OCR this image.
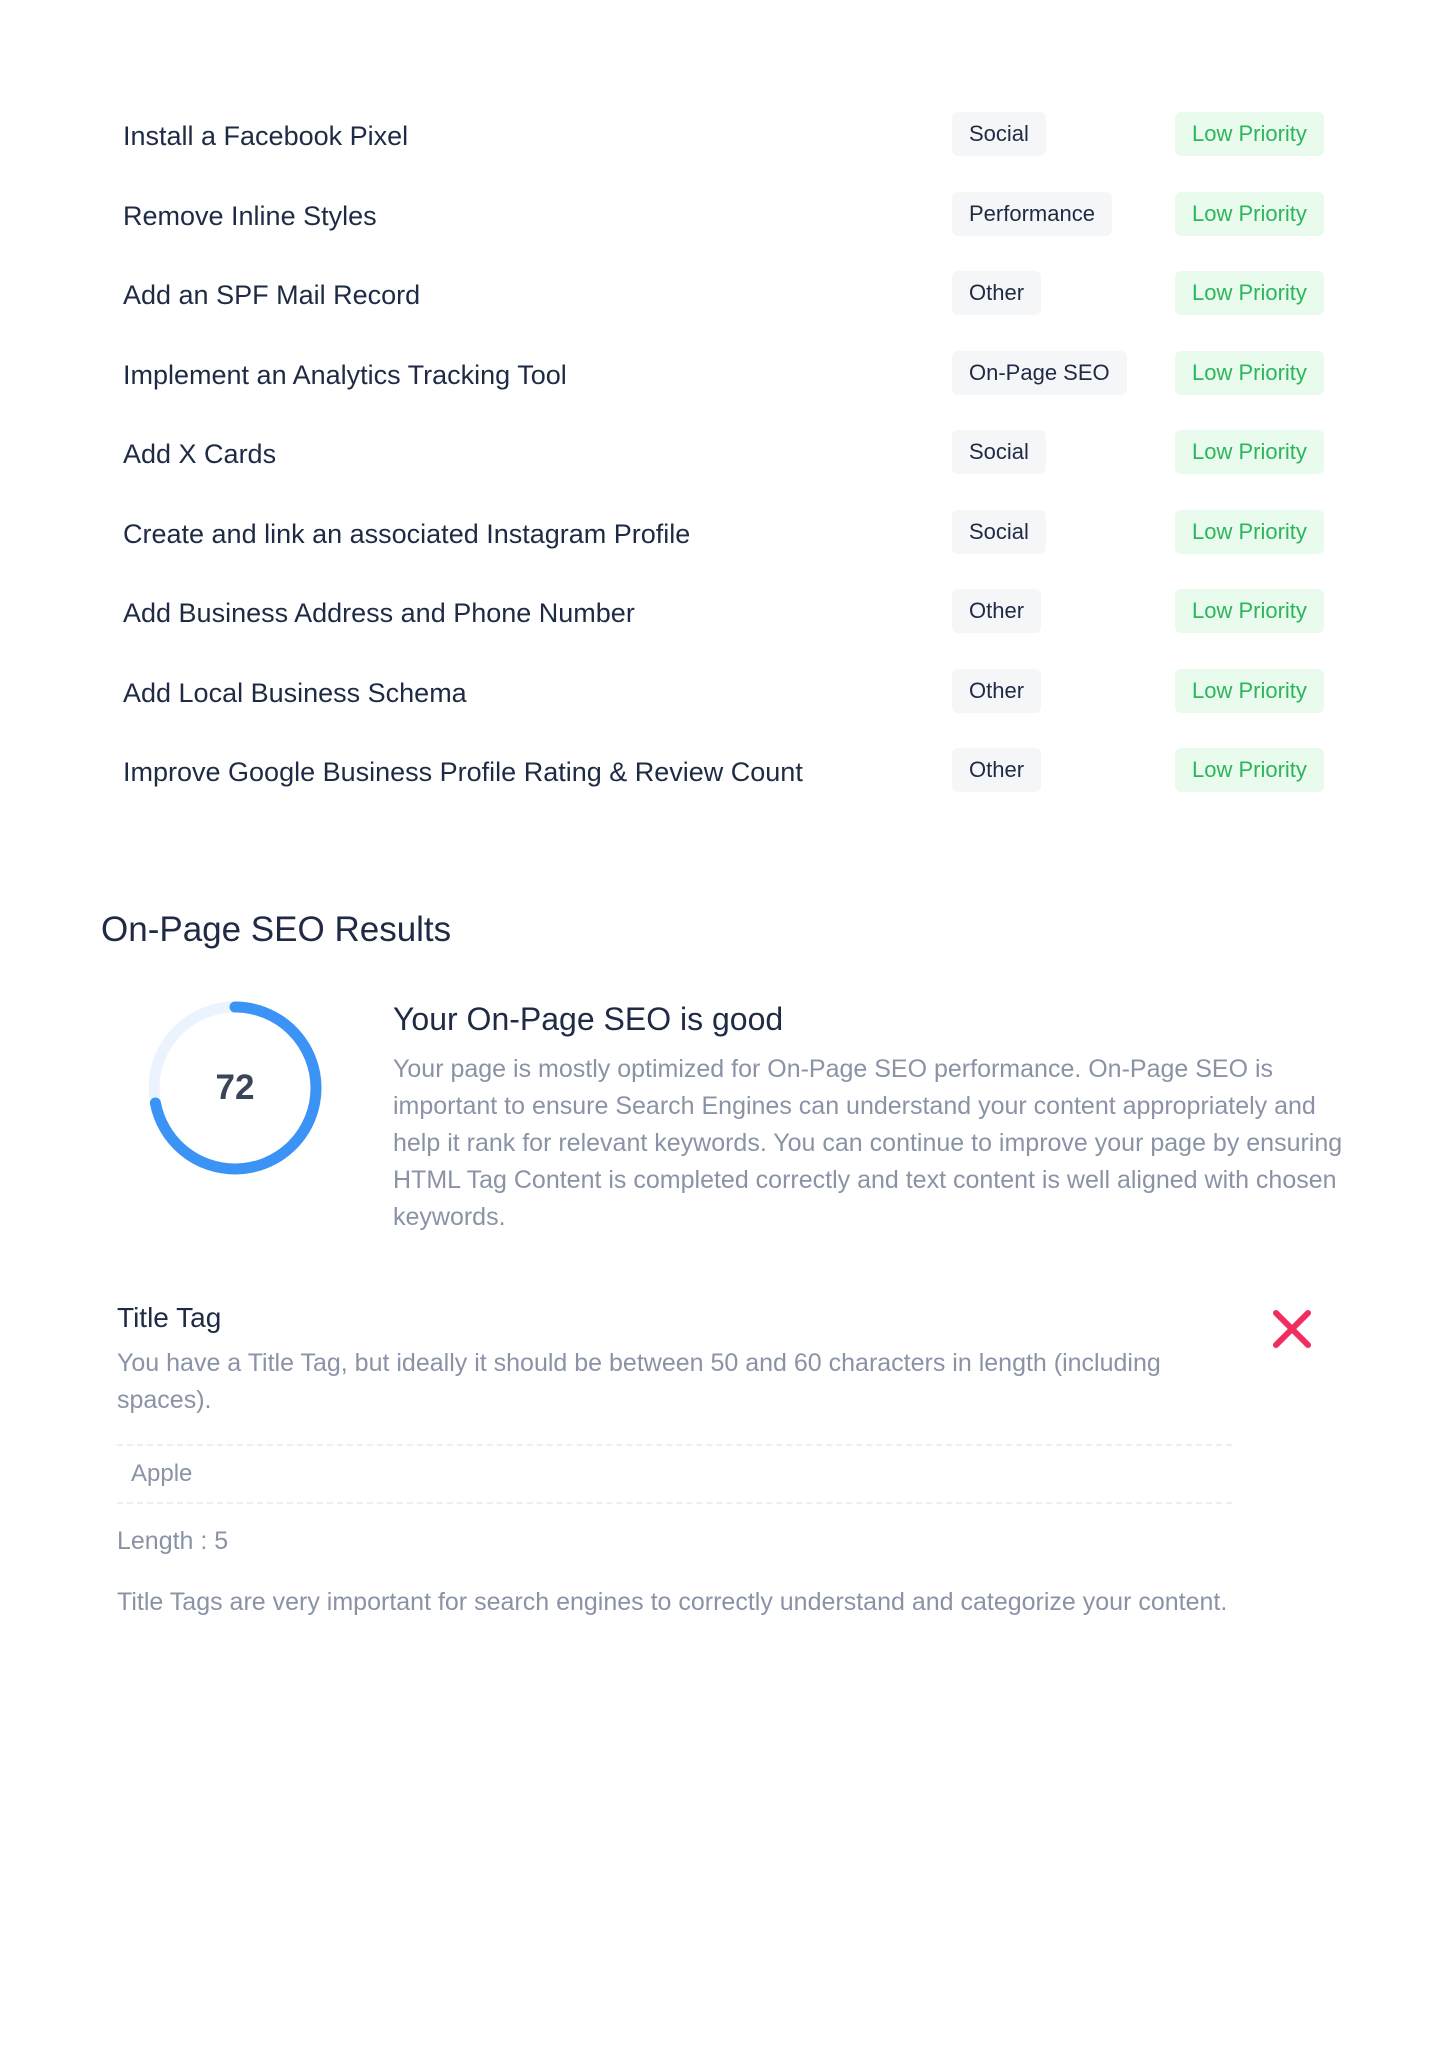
Install a Facebook Pixel	Social	Low Priority
Remove Inline Styles	Performance	Low Priority
Add an SPF Mail Record	Other	Low Priority
Implement an Analytics Tracking Tool	On-Page SEO	Low Priority
Add X Cards	Social	Low Priority
Create and link an associated Instagram Profile	Social	Low Priority
Add Business Address and Phone Number	Other	Low Priority
Add Local Business Schema	Other	Low Priority
Improve Google Business Profile Rating & Review Count	Other	Low Priority
On-Page SEO Results
72
Your On-Page SEO is good

Your page is mostly optimized for On-Page SEO performance. On-Page SEO is important to ensure Search Engines can understand your content appropriately and help it rank for relevant keywords. You can continue to improve your page by ensuring HTML Tag Content is completed correctly and text content is well aligned with chosen keywords.

Title Tag

You have a Title Tag, but ideally it should be between 50 and 60 characters in length (including spaces).

Apple
Length : 5

Title Tags are very important for search engines to correctly understand and categorize your content.
